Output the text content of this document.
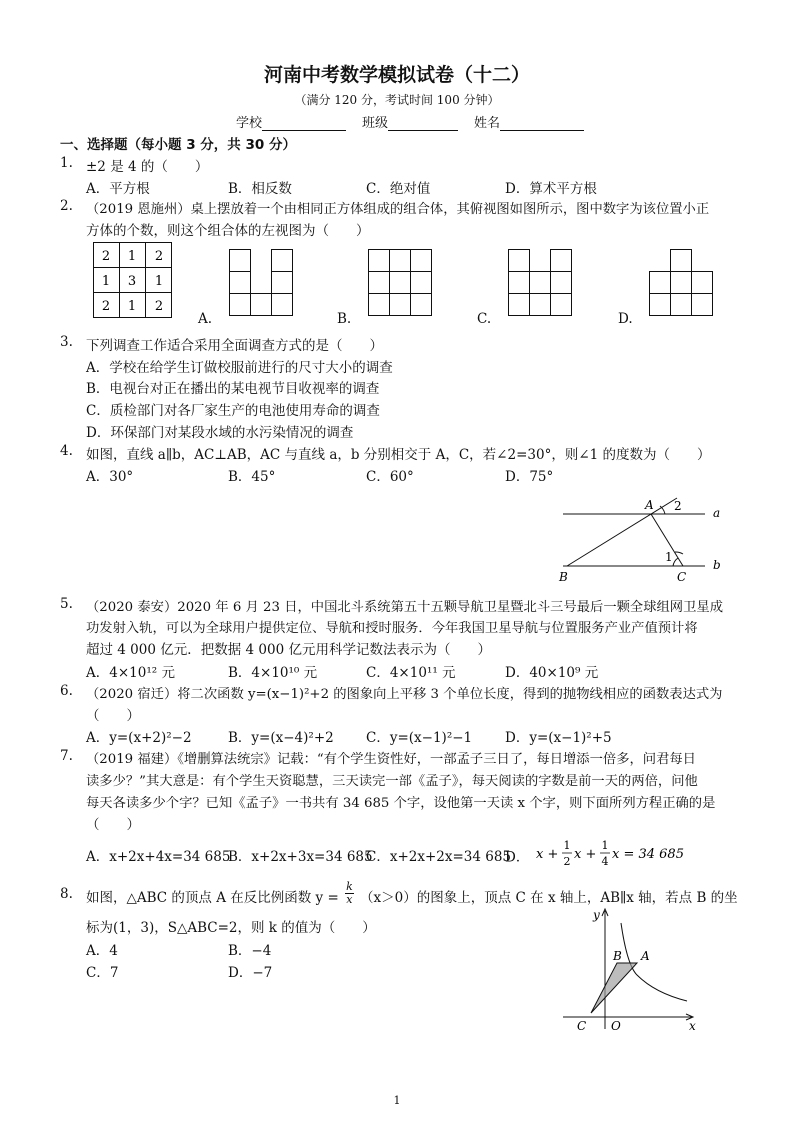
河南中考数学模拟试卷（十二）
（满分 120 分，考试时间 100 分钟）
学校	班级	姓名
一、选择题（每小题 3 分，共 30 分）
1. ±2 是 4 的（　　）
A．平方根	B．相反数	C．绝对值	D．算术平方根
2. （2019 恩施州）桌上摆放着一个由相同正方体组成的组合体，其俯视图如图所示，图中数字为该位置小正
方体的个数，则这个组合体的左视图为（　　）
2 1 2
1 3 1
2 1 2
A.	B.	C.	D.
3. 下列调查工作适合采用全面调查方式的是（　　）
A．学校在给学生订做校服前进行的尺寸大小的调查
B．电视台对正在播出的某电视节目收视率的调查
C．质检部门对各厂家生产的电池使用寿命的调查
D．环保部门对某段水域的水污染情况的调查
4. 如图，直线 a∥b，AC⊥AB，AC 与直线 a，b 分别相交于 A，C，若∠2=30°，则∠1 的度数为（　　）
A．30°	B．45°	C．60°	D．75°
A 2	a
1
b
B	C
5. （2020 泰安）2020 年 6 月 23 日，中国北斗系统第五十五颗导航卫星暨北斗三号最后一颗全球组网卫星成
功发射入轨，可以为全球用户提供定位、导航和授时服务．今年我国卫星导航与位置服务产业产值预计将
超过 4 000 亿元．把数据 4 000 亿元用科学记数法表示为（　　）
A．4×10¹² 元	B．4×10¹⁰ 元	C．4×10¹¹ 元	D．40×10⁹ 元
6. （2020 宿迁）将二次函数 y=(x−1)²+2 的图象向上平移 3 个单位长度，得到的抛物线相应的函数表达式为
（　　）
A．y=(x+2)²−2	B．y=(x−4)²+2 C．y=(x−1)²−1 D．y=(x−1)²+5
7. （2019 福建）《增删算法统宗》记载：“有个学生资性好，一部孟子三日了，每日增添一倍多，问君每日
读多少？”其大意是：有个学生天资聪慧，三天读完一部《孟子》，每天阅读的字数是前一天的两倍，问他
每天各读多少个字？已知《孟子》一书共有 34 685 个字，设他第一天读 x 个字，则下面所列方程正确的是
（　　）
A．x+2x+4x=34 685
B．x+2x+3x=34 685
C．x+2x+2x=34 685
D． x +
1
2 x +
1
4 x = 34 685
8. 如图，△ABC 的顶点 A 在反比例函数 $y = \frac{k}{x} (x>0)$的图象上，顶点 C 在 x 轴上，AB∥x 轴，若点 B 的坐
标为(1，3)，S△ABC=2，则 k 的值为（　　）
A．4	B．−4
C．7	D．−7
y
B A
C O	x
1
